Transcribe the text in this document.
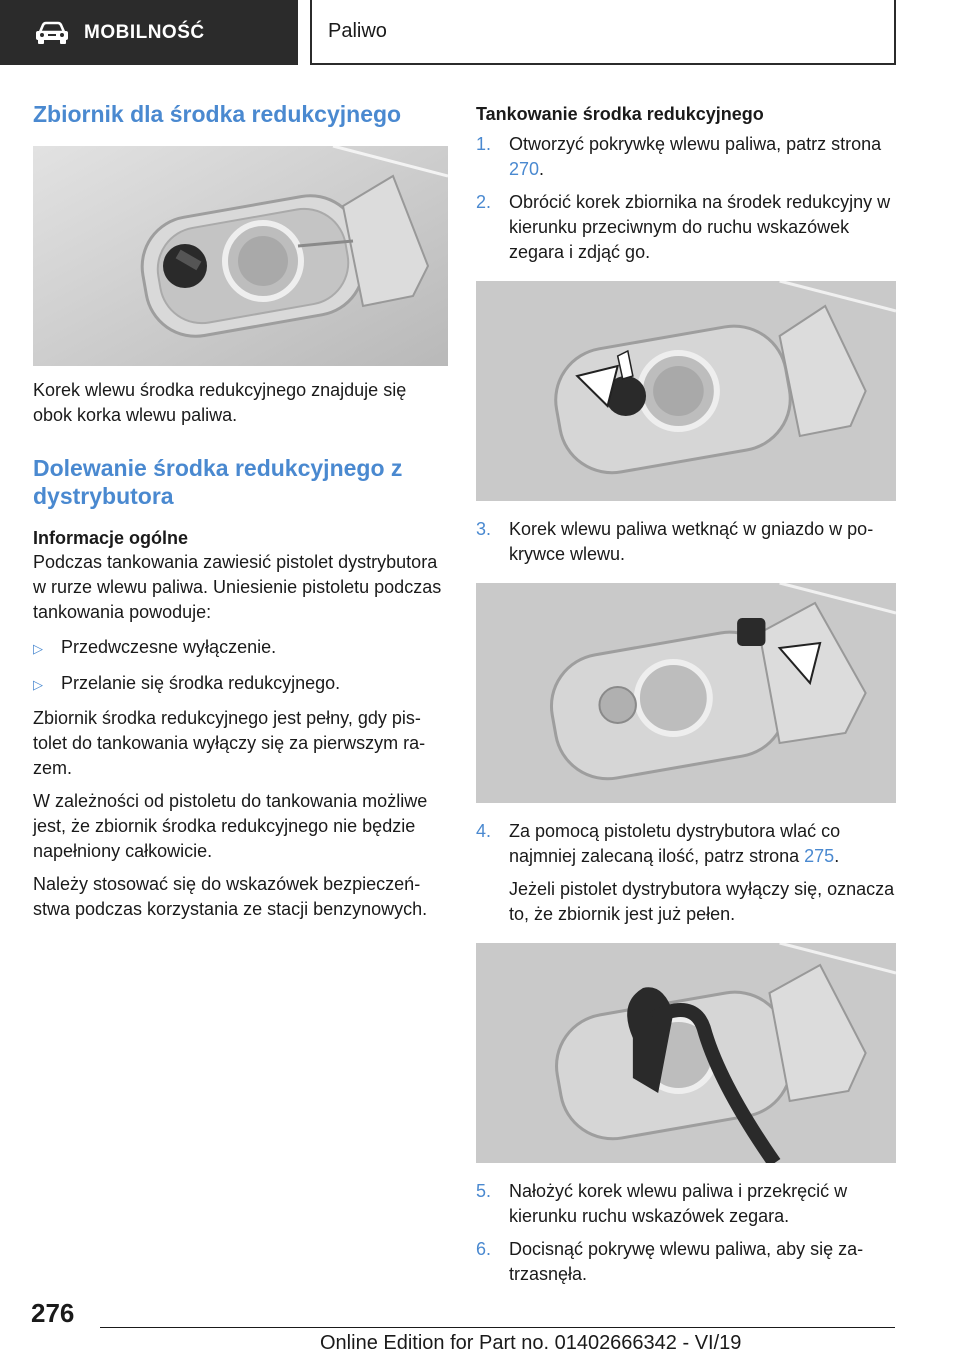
MOBILNOŚĆ	Paliwo
Zbiornik dla środka redukcyjnego

Korek wlewu środka redukcyjnego znajduje się obok korka wlewu paliwa.

Dolewanie środka redukcyjnego z dystrybutora
Informacje ogólne

Podczas tankowania zawiesić pistolet dystrybutora w rurze wlewu paliwa. Uniesienie pistoletu podczas tankowania powoduje:

▷	Przedwczesne wyłączenie.
▷	Przelanie się środka redukcyjnego.

Zbiornik środka redukcyjnego jest pełny, gdy pistolet do tankowania wyłączy się za pierwszym razem.

W zależności od pistoletu do tankowania możliwe jest, że zbiornik środka redukcyjnego nie będzie napełniony całkowicie.

Należy stosować się do wskazówek bezpieczeństwa podczas korzystania ze stacji benzynowych.

Tankowanie środka redukcyjnego
1. Otworzyć pokrywkę wlewu paliwa, patrz strona 270.
2. Obrócić korek zbiornika na środek redukcyjny w kierunku przeciwnym do ruchu wskazówek zegara i zdjąć go.
3. Korek wlewu paliwa wetknąć w gniazdo w pokrywce wlewu.
4. Za pomocą pistoletu dystrybutora wlać co najmniej zalecaną ilość, patrz strona 275.
Jeżeli pistolet dystrybutora wyłączy się, oznacza to, że zbiornik jest już pełen.
5. Nałożyć korek wlewu paliwa i przekręcić w kierunku ruchu wskazówek zegara.
6. Docisnąć pokrywę wlewu paliwa, aby się zatrzasnęła.
276
Online Edition for Part no. 01402666342 - VI/19
